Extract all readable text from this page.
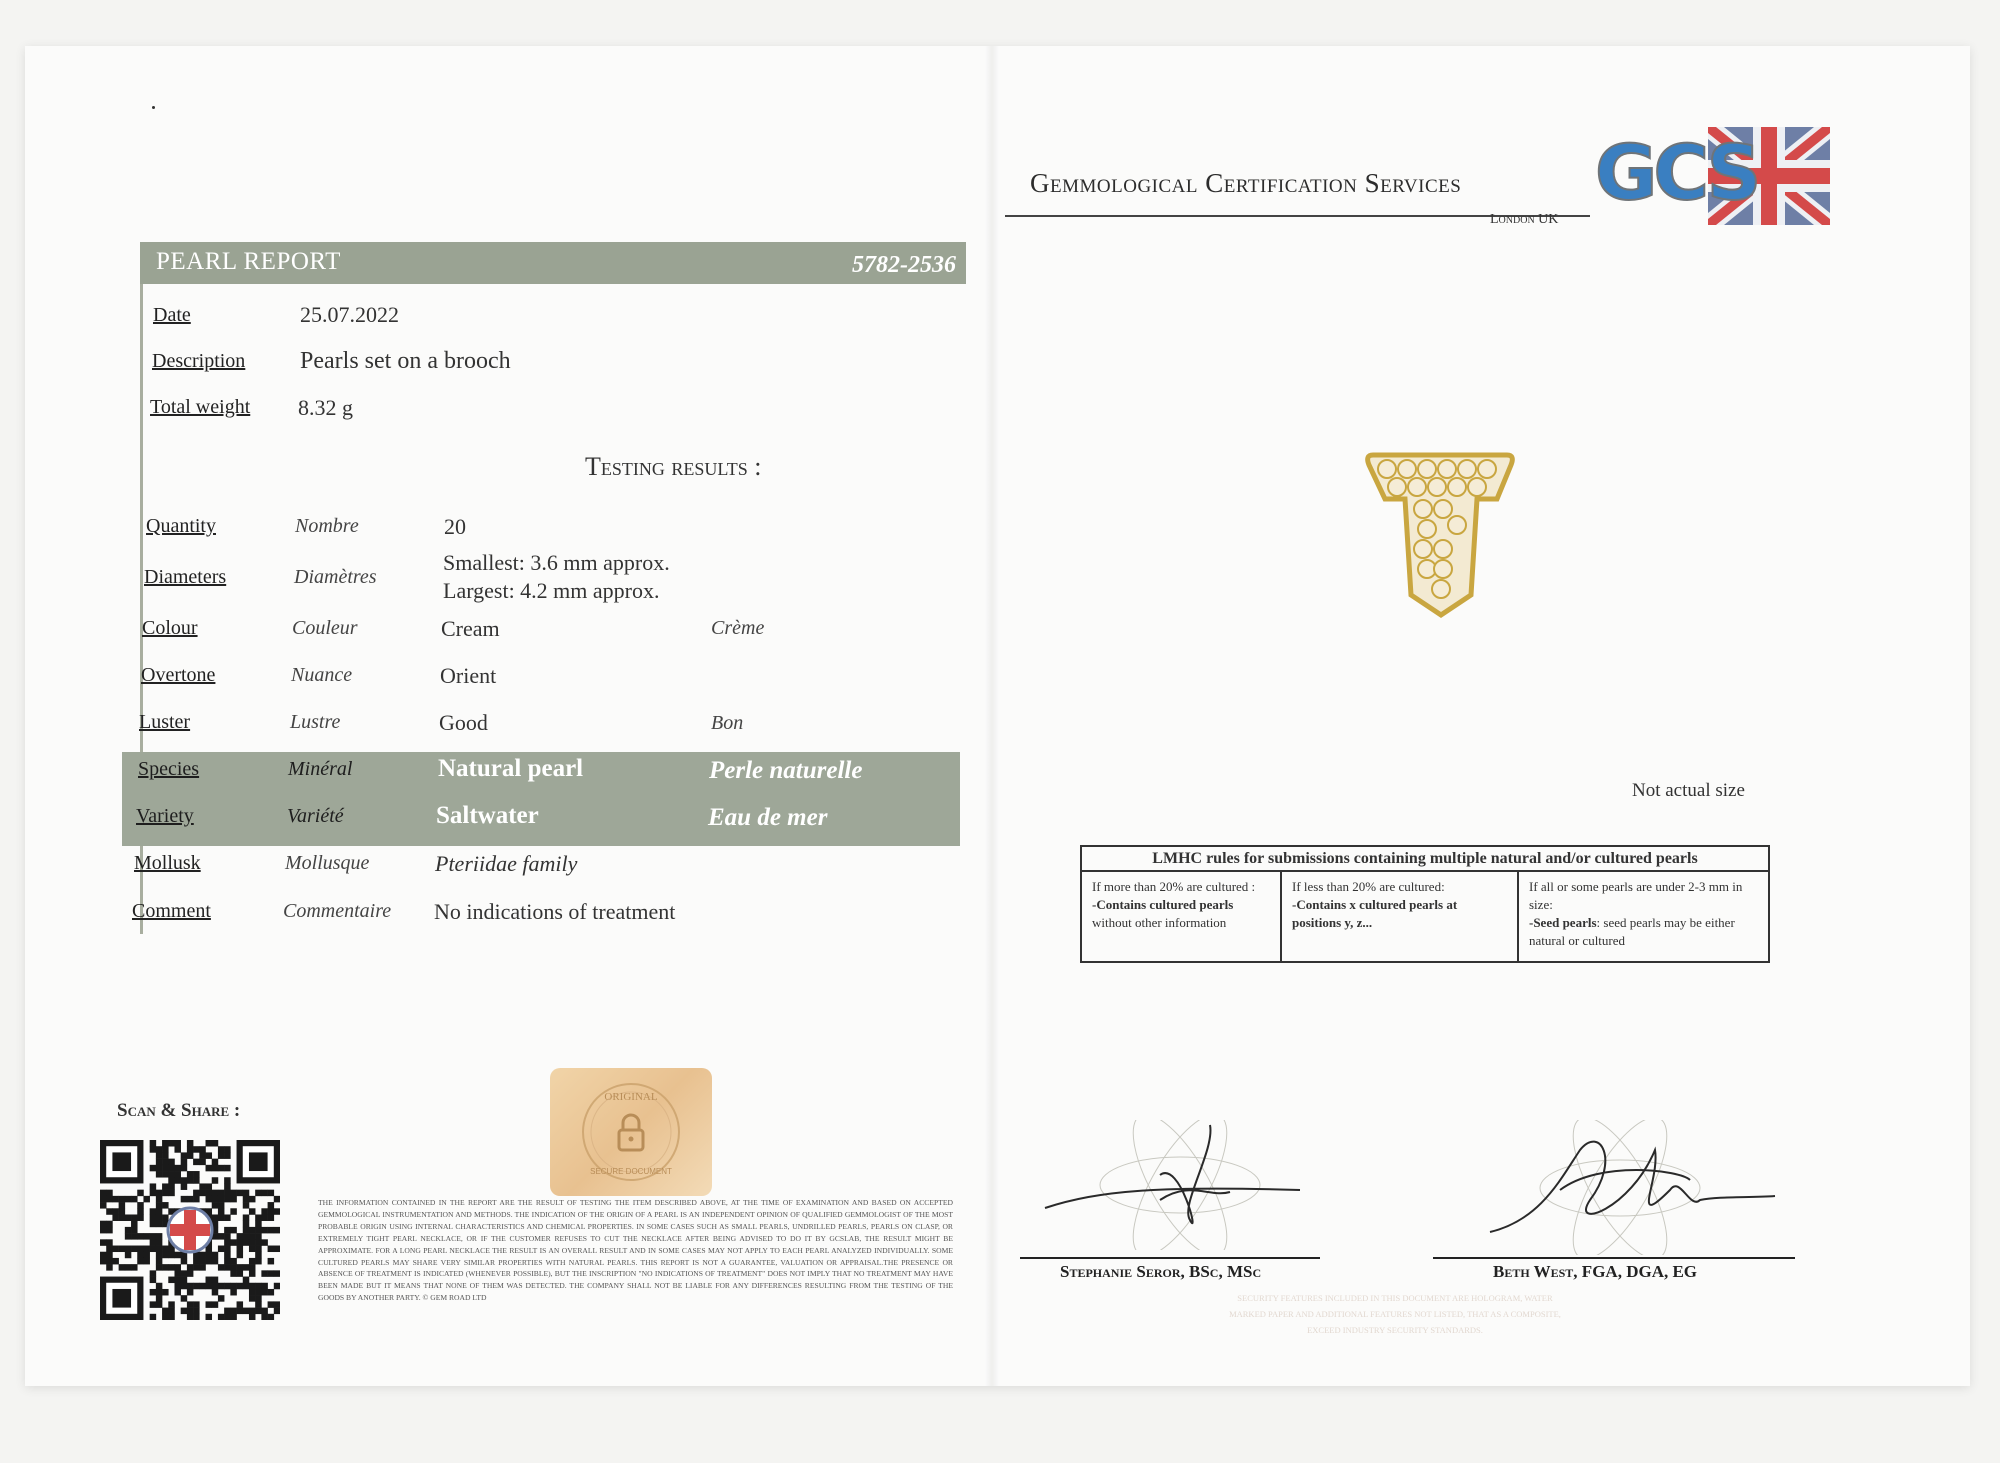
PEARL REPORT	5782-2536
Date	25.07.2022
Description Pearls set on a brooch
Total weight 8.32 g
Testing results :
Quantity	Nombre	20
Diameters	Diamètres
Smallest: 3.6 mm approx.
Largest: 4.2 mm approx.
Colour	Couleur	Cream	Crème
Overtone	Nuance	Orient
Luster	Lustre	Good	Bon
Species	Minéral	Natural pearl	Perle naturelle
Variety	Variété	Saltwater	Eau de mer
Mollusk	Mollusque	Pteriidae family
Comment	Commentaire No indications of treatment
Scan & Share :
ORIGINAL
SECURE DOCUMENT
THE INFORMATION CONTAINED IN THE REPORT ARE THE RESULT OF TESTING THE ITEM DESCRIBED ABOVE, AT THE TIME OF EXAMINATION AND BASED ON ACCEPTED GEMMOLOGICAL INSTRUMENTATION AND METHODS. THE INDICATION OF THE ORIGIN OF A PEARL IS AN INDEPENDENT OPINION OF QUALIFIED GEMMOLOGIST OF THE MOST PROBABLE ORIGIN USING INTERNAL CHARACTERISTICS AND CHEMICAL PROPERTIES. IN SOME CASES SUCH AS SMALL PEARLS, UNDRILLED PEARLS, PEARLS ON CLASP, OR EXTREMELY TIGHT PEARL NECKLACE, OR IF THE CUSTOMER REFUSES TO CUT THE NECKLACE AFTER BEING ADVISED TO DO IT BY GCSLAB, THE RESULT MIGHT BE APPROXIMATE. FOR A LONG PEARL NECKLACE THE RESULT IS AN OVERALL RESULT AND IN SOME CASES MAY NOT APPLY TO EACH PEARL ANALYZED INDIVIDUALLY. SOME CULTURED PEARLS MAY SHARE VERY SIMILAR PROPERTIES WITH NATURAL PEARLS. THIS REPORT IS NOT A GUARANTEE, VALUATION OR APPRAISAL.THE PRESENCE OR ABSENCE OF TREATMENT IS INDICATED (WHENEVER POSSIBLE), BUT THE INSCRIPTION "NO INDICATIONS OF TREATMENT" DOES NOT IMPLY THAT NO TREATMENT MAY HAVE BEEN MADE BUT IT MEANS THAT NONE OF THEM WAS DETECTED. THE COMPANY SHALL NOT BE LIABLE FOR ANY DIFFERENCES RESULTING FROM THE TESTING OF THE GOODS BY ANOTHER PARTY. © GEM ROAD LTD
Gemmological Certification Services
London UK
GCS
Not actual size
LMHC rules for submissions containing multiple natural and/or cultured pearls
If more than 20% are cultured :
-Contains cultured pearls
without other information
If less than 20% are cultured:
-Contains x cultured pearls at positions y, z...
If all or some pearls are under 2-3 mm in size:
-Seed pearls: seed pearls may be either natural or cultured
Stephanie Seror, BSc, MSc	Beth West, FGA, DGA, EG
SECURITY FEATURES INCLUDED IN THIS DOCUMENT ARE HOLOGRAM, WATER MARKED PAPER AND ADDITIONAL FEATURES NOT LISTED, THAT AS A COMPOSITE, EXCEED INDUSTRY SECURITY STANDARDS.
